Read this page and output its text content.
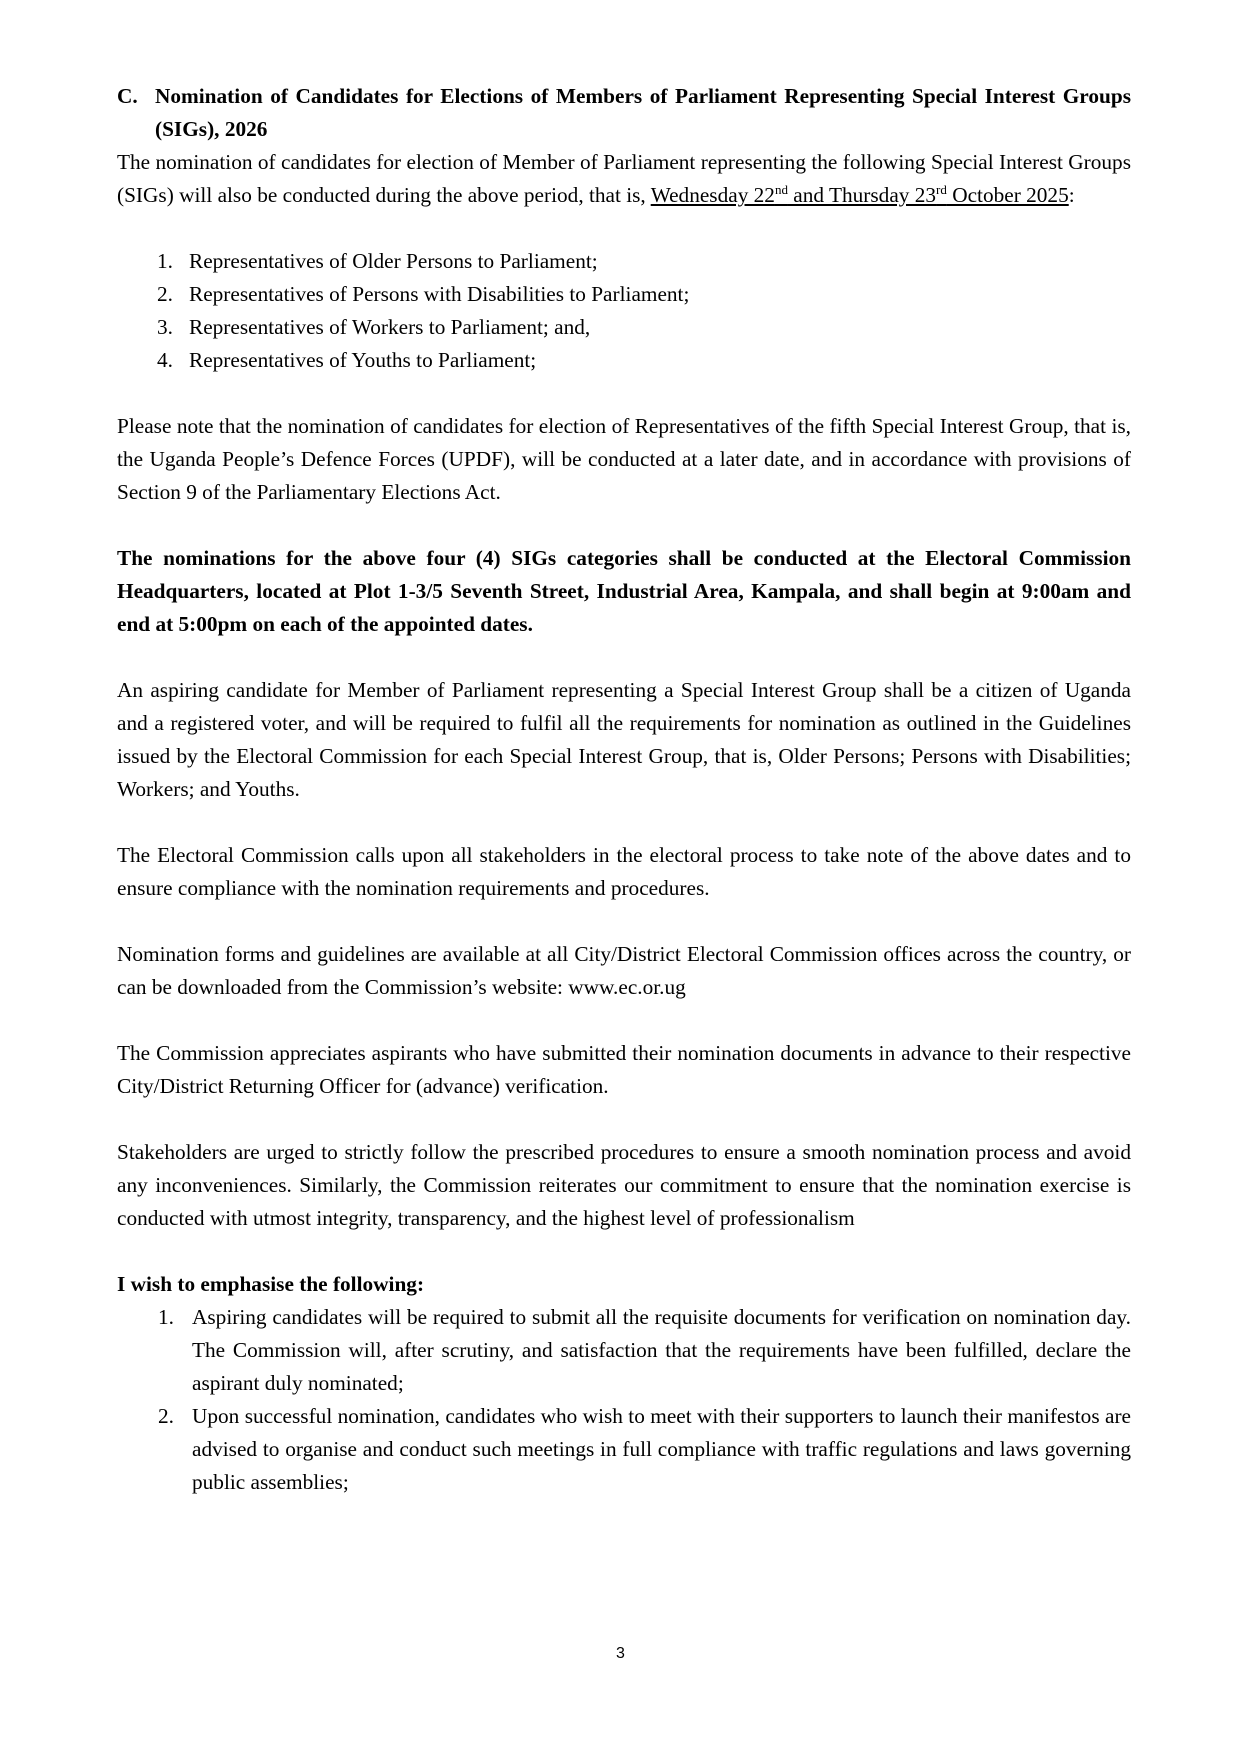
C. Nomination of Candidates for Elections of Members of Parliament Representing Special Interest Groups (SIGs), 2026

The nomination of candidates for election of Member of Parliament representing the following Special Interest Groups (SIGs) will also be conducted during the above period, that is, Wednesday 22nd and Thursday 23rd October 2025:

1. Representatives of Older Persons to Parliament;
2. Representatives of Persons with Disabilities to Parliament;
3. Representatives of Workers to Parliament; and,
4. Representatives of Youths to Parliament;

Please note that the nomination of candidates for election of Representatives of the fifth Special Interest Group, that is, the Uganda People’s Defence Forces (UPDF), will be conducted at a later date, and in accordance with provisions of Section 9 of the Parliamentary Elections Act.

The nominations for the above four (4) SIGs categories shall be conducted at the Electoral Commission Headquarters, located at Plot 1-3/5 Seventh Street, Industrial Area, Kampala, and shall begin at 9:00am and end at 5:00pm on each of the appointed dates.

An aspiring candidate for Member of Parliament representing a Special Interest Group shall be a citizen of Uganda and a registered voter, and will be required to fulfil all the requirements for nomination as outlined in the Guidelines issued by the Electoral Commission for each Special Interest Group, that is, Older Persons; Persons with Disabilities; Workers; and Youths.

The Electoral Commission calls upon all stakeholders in the electoral process to take note of the above dates and to ensure compliance with the nomination requirements and procedures.

Nomination forms and guidelines are available at all City/District Electoral Commission offices across the country, or can be downloaded from the Commission’s website: www.ec.or.ug

The Commission appreciates aspirants who have submitted their nomination documents in advance to their respective City/District Returning Officer for (advance) verification.

Stakeholders are urged to strictly follow the prescribed procedures to ensure a smooth nomination process and avoid any inconveniences. Similarly, the Commission reiterates our commitment to ensure that the nomination exercise is conducted with utmost integrity, transparency, and the highest level of professionalism

I wish to emphasise the following:

1. Aspiring candidates will be required to submit all the requisite documents for verification on nomination day. The Commission will, after scrutiny, and satisfaction that the requirements have been fulfilled, declare the aspirant duly nominated;
2. Upon successful nomination, candidates who wish to meet with their supporters to launch their manifestos are advised to organise and conduct such meetings in full compliance with traffic regulations and laws governing public assemblies;
3
